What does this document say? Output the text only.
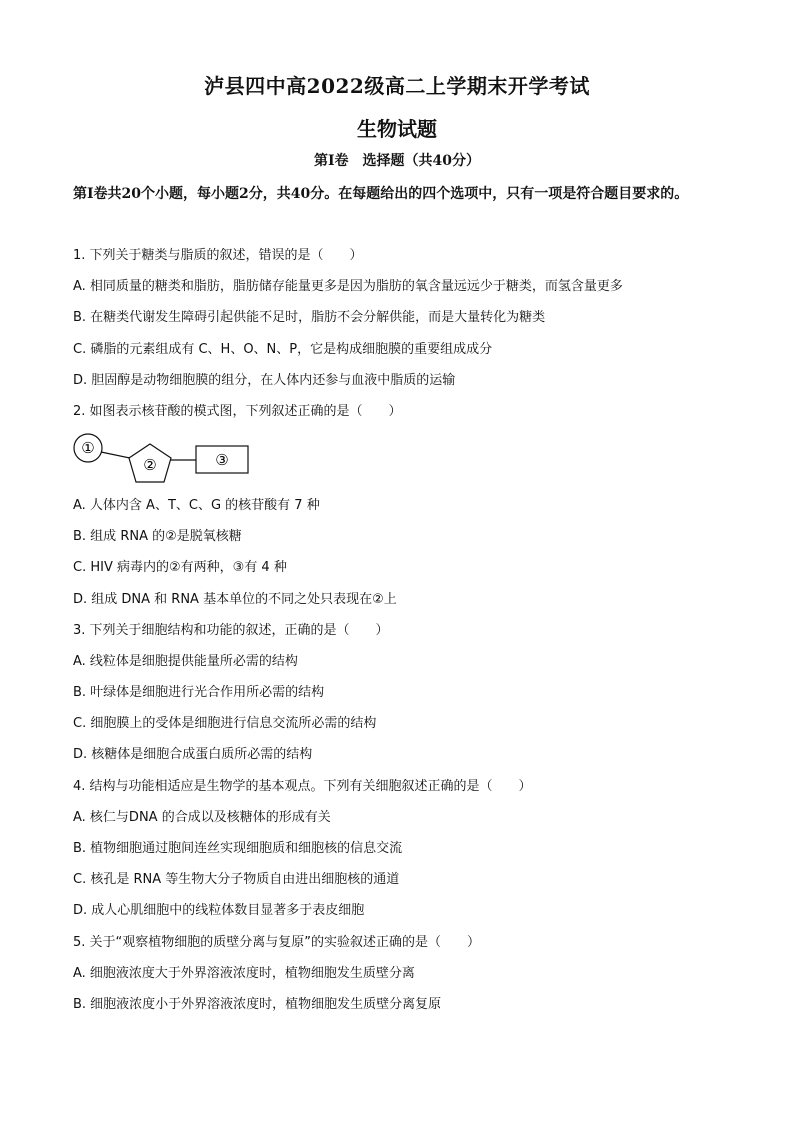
泸县四中高2022级高二上学期末开学考试
生物试题
第Ⅰ卷　选择题（共40分）
第Ⅰ卷共20个小题，每小题2分，共40分。在每题给出的四个选项中，只有一项是符合题目要求的。
1. 下列关于糖类与脂质的叙述，错误的是（　　）
A. 相同质量的糖类和脂肪，脂肪储存能量更多是因为脂肪的氧含量远远少于糖类，而氢含量更多
B. 在糖类代谢发生障碍引起供能不足时，脂肪不会分解供能，而是大量转化为糖类
C. 磷脂的元素组成有 C、H、O、N、P，它是构成细胞膜的重要组成成分
D. 胆固醇是动物细胞膜的组分，在人体内还参与血液中脂质的运输
2. 如图表示核苷酸的模式图，下列叙述正确的是（　　）
①
②	③
A. 人体内含 A、T、C、G 的核苷酸有 7 种
B. 组成 RNA 的②是脱氧核糖
C. HIV 病毒内的②有两种，③有 4 种
D. 组成 DNA 和 RNA 基本单位的不同之处只表现在②上
3. 下列关于细胞结构和功能的叙述，正确的是（　　）
A. 线粒体是细胞提供能量所必需的结构
B. 叶绿体是细胞进行光合作用所必需的结构
C. 细胞膜上的受体是细胞进行信息交流所必需的结构
D. 核糖体是细胞合成蛋白质所必需的结构
4. 结构与功能相适应是生物学的基本观点。下列有关细胞叙述正确的是（　　）
A. 核仁与DNA 的合成以及核糖体的形成有关
B. 植物细胞通过胞间连丝实现细胞质和细胞核的信息交流
C. 核孔是 RNA 等生物大分子物质自由进出细胞核的通道
D. 成人心肌细胞中的线粒体数目显著多于表皮细胞
5. 关于“观察植物细胞的质壁分离与复原”的实验叙述正确的是（　　）
A. 细胞液浓度大于外界溶液浓度时，植物细胞发生质壁分离
B. 细胞液浓度小于外界溶液浓度时，植物细胞发生质壁分离复原
